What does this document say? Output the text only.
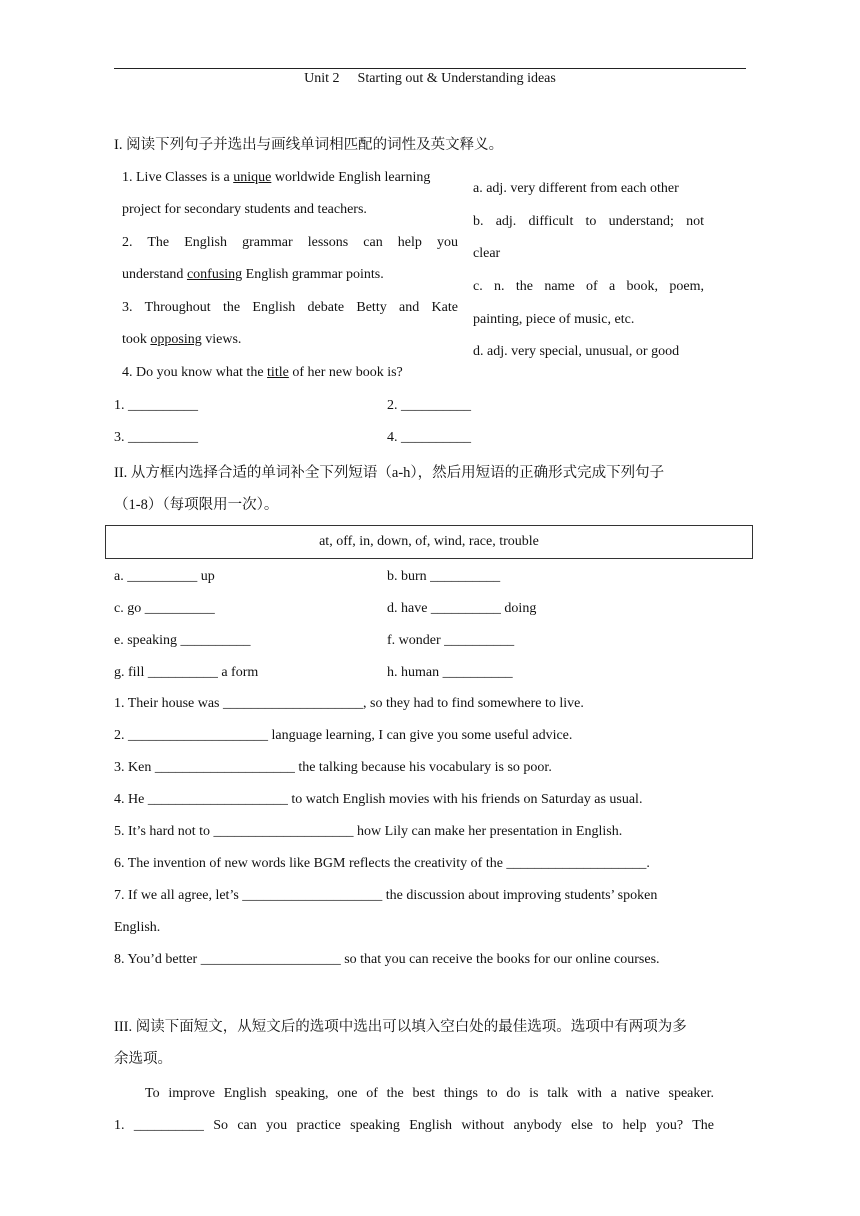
Unit 2 Starting out & Understanding ideas
I. 阅读下列句子并选出与画线单词相匹配的词性及英文释义。
1. Live Classes is a unique worldwide English learning
project for secondary students and teachers.
2. The English grammar lessons can help you
understand confusing English grammar points.
3. Throughout the English debate Betty and Kate
took opposing views.
4. Do you know what the title of her new book is?
a. adj. very different from each other
b. adj. difficult to understand; not
clear
c. n. the name of a book, poem,
painting, piece of music, etc.
d. adj. very special, unusual, or good
1. __________	2. __________
3. __________	4. __________
II. 从方框内选择合适的单词补全下列短语（a-h），然后用短语的正确形式完成下列句子
（1-8）（每项限用一次）。
at, off, in, down, of, wind, race, trouble
a. __________ up	b. burn __________
c. go __________	d. have __________ doing
e. speaking __________	f. wonder __________
g. fill __________ a form	h. human __________
1. Their house was ____________________, so they had to find somewhere to live.
2. ____________________ language learning, I can give you some useful advice.
3. Ken ____________________ the talking because his vocabulary is so poor.
4. He ____________________ to watch English movies with his friends on Saturday as usual.
5. It’s hard not to ____________________ how Lily can make her presentation in English.
6. The invention of new words like BGM reflects the creativity of the ____________________.
7. If we all agree, let’s ____________________ the discussion about improving students’ spoken
English.
8. You’d better ____________________ so that you can receive the books for our online courses.
III. 阅读下面短文，从短文后的选项中选出可以填入空白处的最佳选项。选项中有两项为多
余选项。
To improve English speaking, one of the best things to do is talk with a native speaker.
1. __________ So can you practice speaking English without anybody else to help you? The
